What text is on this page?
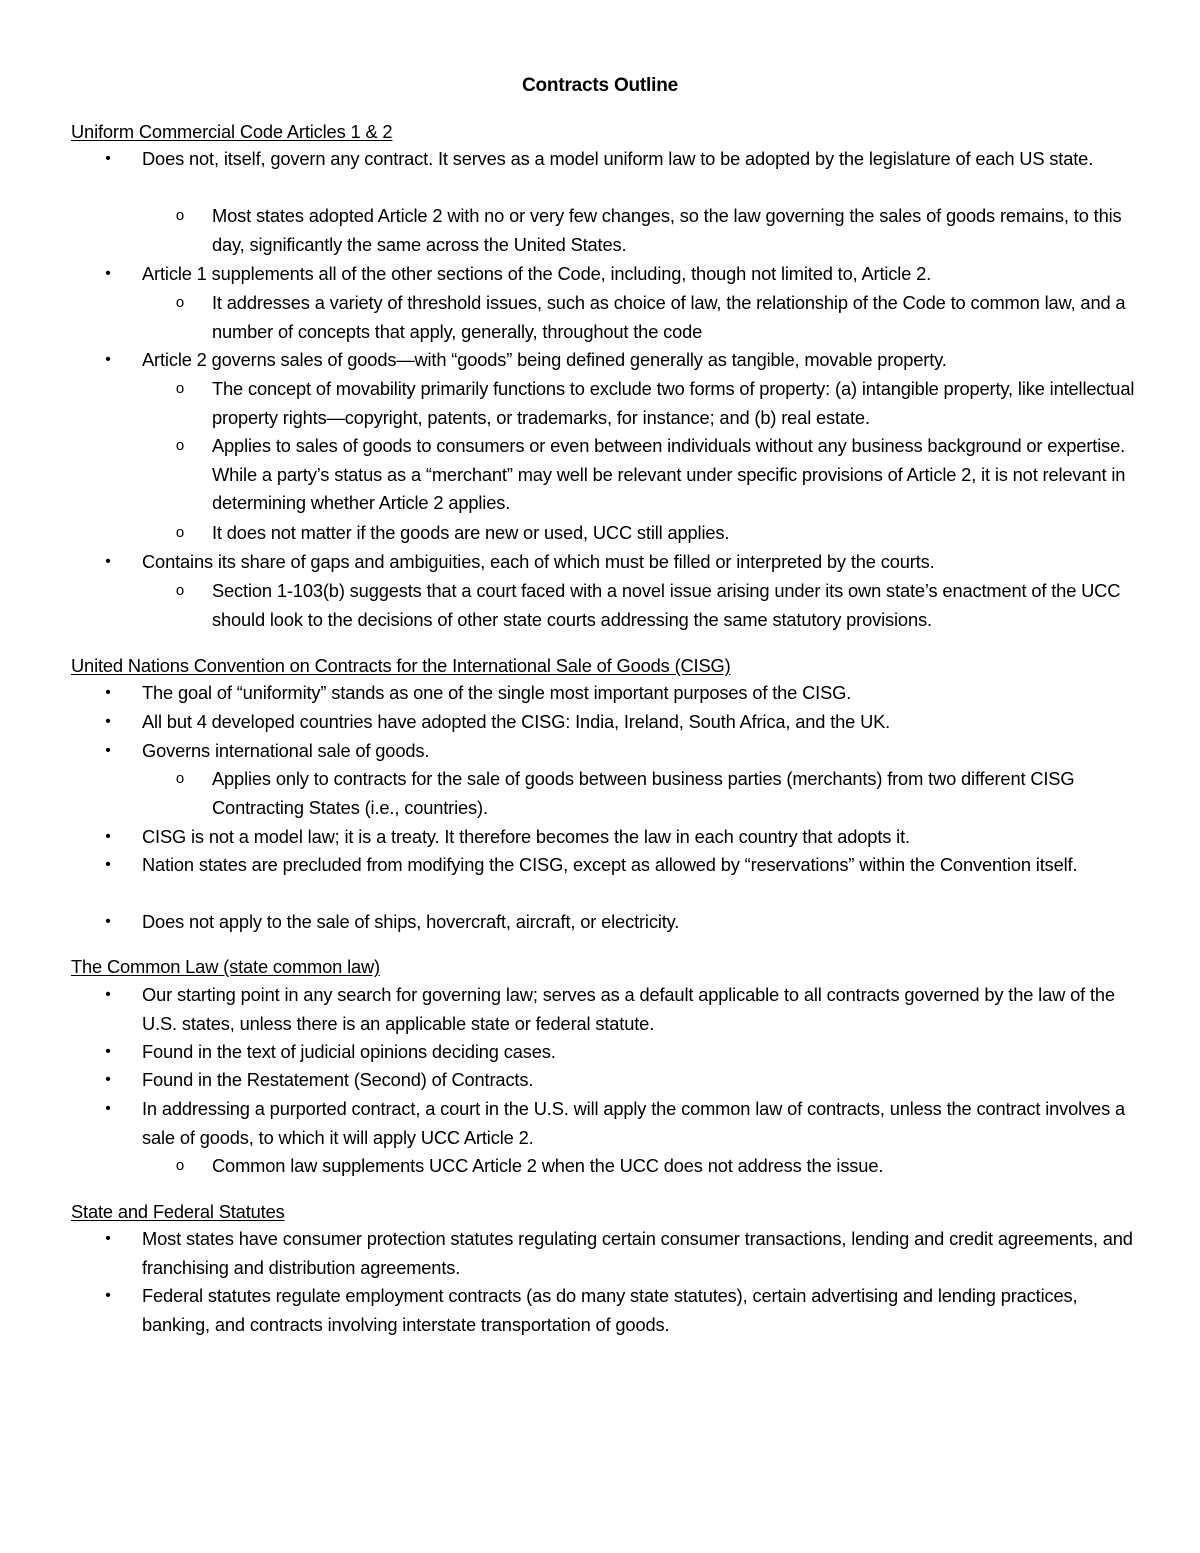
Contracts Outline
Uniform Commercial Code Articles 1 & 2
• Does not, itself, govern any contract. It serves as a model uniform law to be adopted by the legislature of each US state.
o Most states adopted Article 2 with no or very few changes, so the law governing the sales of goods remains, to this day, significantly the same across the United States.
• Article 1 supplements all of the other sections of the Code, including, though not limited to, Article 2.
o It addresses a variety of threshold issues, such as choice of law, the relationship of the Code to common law, and a number of concepts that apply, generally, throughout the code
• Article 2 governs sales of goods—with “goods” being defined generally as tangible, movable property.
o The concept of movability primarily functions to exclude two forms of property: (a) intangible property, like intellectual property rights—copyright, patents, or trademarks, for instance; and (b) real estate.
o Applies to sales of goods to consumers or even between individuals without any business background or expertise. While a party’s status as a “merchant” may well be relevant under specific provisions of Article 2, it is not relevant in determining whether Article 2 applies.
o It does not matter if the goods are new or used, UCC still applies.
• Contains its share of gaps and ambiguities, each of which must be filled or interpreted by the courts.
o Section 1-103(b) suggests that a court faced with a novel issue arising under its own state’s enactment of the UCC should look to the decisions of other state courts addressing the same statutory provisions.
United Nations Convention on Contracts for the International Sale of Goods (CISG)
• The goal of “uniformity” stands as one of the single most important purposes of the CISG.
• All but 4 developed countries have adopted the CISG: India, Ireland, South Africa, and the UK.
• Governs international sale of goods.
o Applies only to contracts for the sale of goods between business parties (merchants) from two different CISG Contracting States (i.e., countries).
• CISG is not a model law; it is a treaty. It therefore becomes the law in each country that adopts it.
• Nation states are precluded from modifying the CISG, except as allowed by “reservations” within the Convention itself.
• Does not apply to the sale of ships, hovercraft, aircraft, or electricity.
The Common Law (state common law)
• Our starting point in any search for governing law; serves as a default applicable to all contracts governed by the law of the U.S. states, unless there is an applicable state or federal statute.
• Found in the text of judicial opinions deciding cases.
• Found in the Restatement (Second) of Contracts.
• In addressing a purported contract, a court in the U.S. will apply the common law of contracts, unless the contract involves a sale of goods, to which it will apply UCC Article 2.
o Common law supplements UCC Article 2 when the UCC does not address the issue.
State and Federal Statutes
• Most states have consumer protection statutes regulating certain consumer transactions, lending and credit agreements, and franchising and distribution agreements.
• Federal statutes regulate employment contracts (as do many state statutes), certain advertising and lending practices, banking, and contracts involving interstate transportation of goods.
